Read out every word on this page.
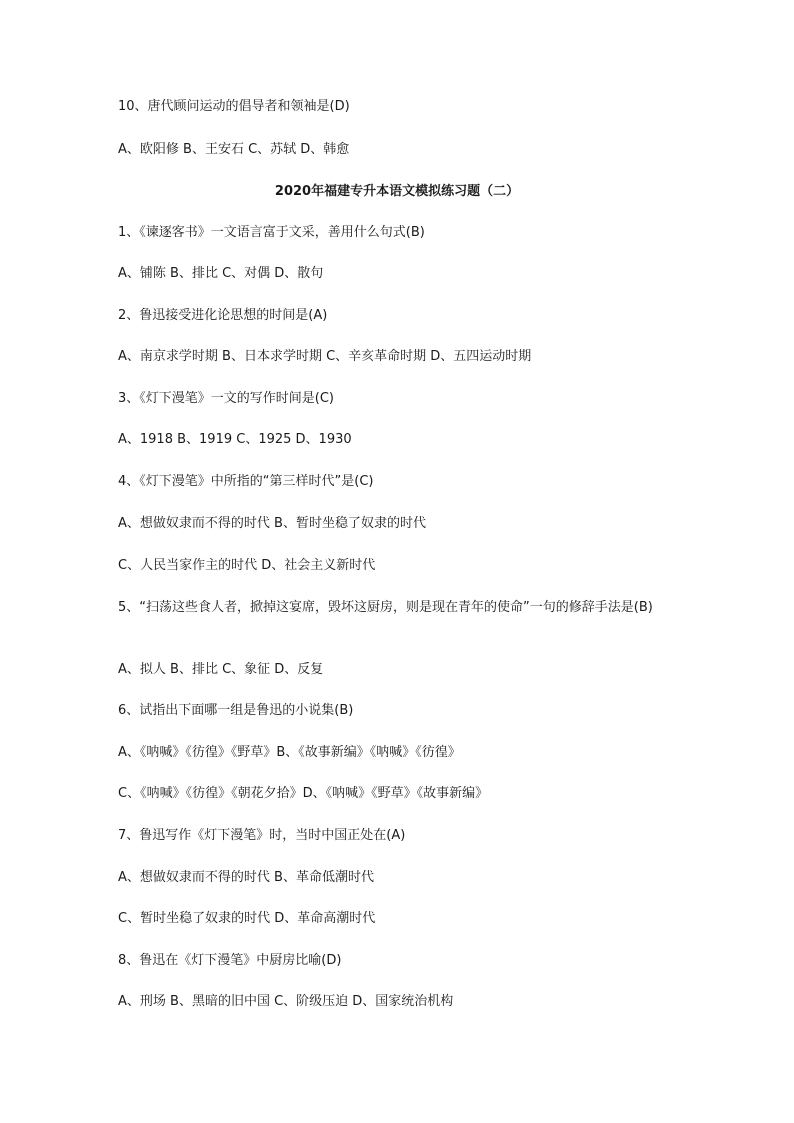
10、唐代顾问运动的倡导者和领袖是(D)
A、欧阳修 B、王安石 C、苏轼 D、韩愈
2020年福建专升本语文模拟练习题（二）
1、《谏逐客书》一文语言富于文采，善用什么句式(B)
A、铺陈 B、排比 C、对偶 D、散句
2、鲁迅接受进化论思想的时间是(A)
A、南京求学时期 B、日本求学时期 C、辛亥革命时期 D、五四运动时期
3、《灯下漫笔》一文的写作时间是(C)
A、1918 B、1919 C、1925 D、1930
4、《灯下漫笔》中所指的“第三样时代”是(C)
A、想做奴隶而不得的时代 B、暂时坐稳了奴隶的时代
C、人民当家作主的时代 D、社会主义新时代
5、“扫荡这些食人者，掀掉这宴席，毁坏这厨房，则是现在青年的使命”一句的修辞手法是(B)
A、拟人 B、排比 C、象征 D、反复
6、试指出下面哪一组是鲁迅的小说集(B)
A、《呐喊》《彷徨》《野草》B、《故事新编》《呐喊》《彷徨》
C、《呐喊》《彷徨》《朝花夕拾》D、《呐喊》《野草》《故事新编》
7、鲁迅写作《灯下漫笔》时，当时中国正处在(A)
A、想做奴隶而不得的时代 B、革命低潮时代
C、暂时坐稳了奴隶的时代 D、革命高潮时代
8、鲁迅在《灯下漫笔》中厨房比喻(D)
A、刑场 B、黑暗的旧中国 C、阶级压迫 D、国家统治机构
